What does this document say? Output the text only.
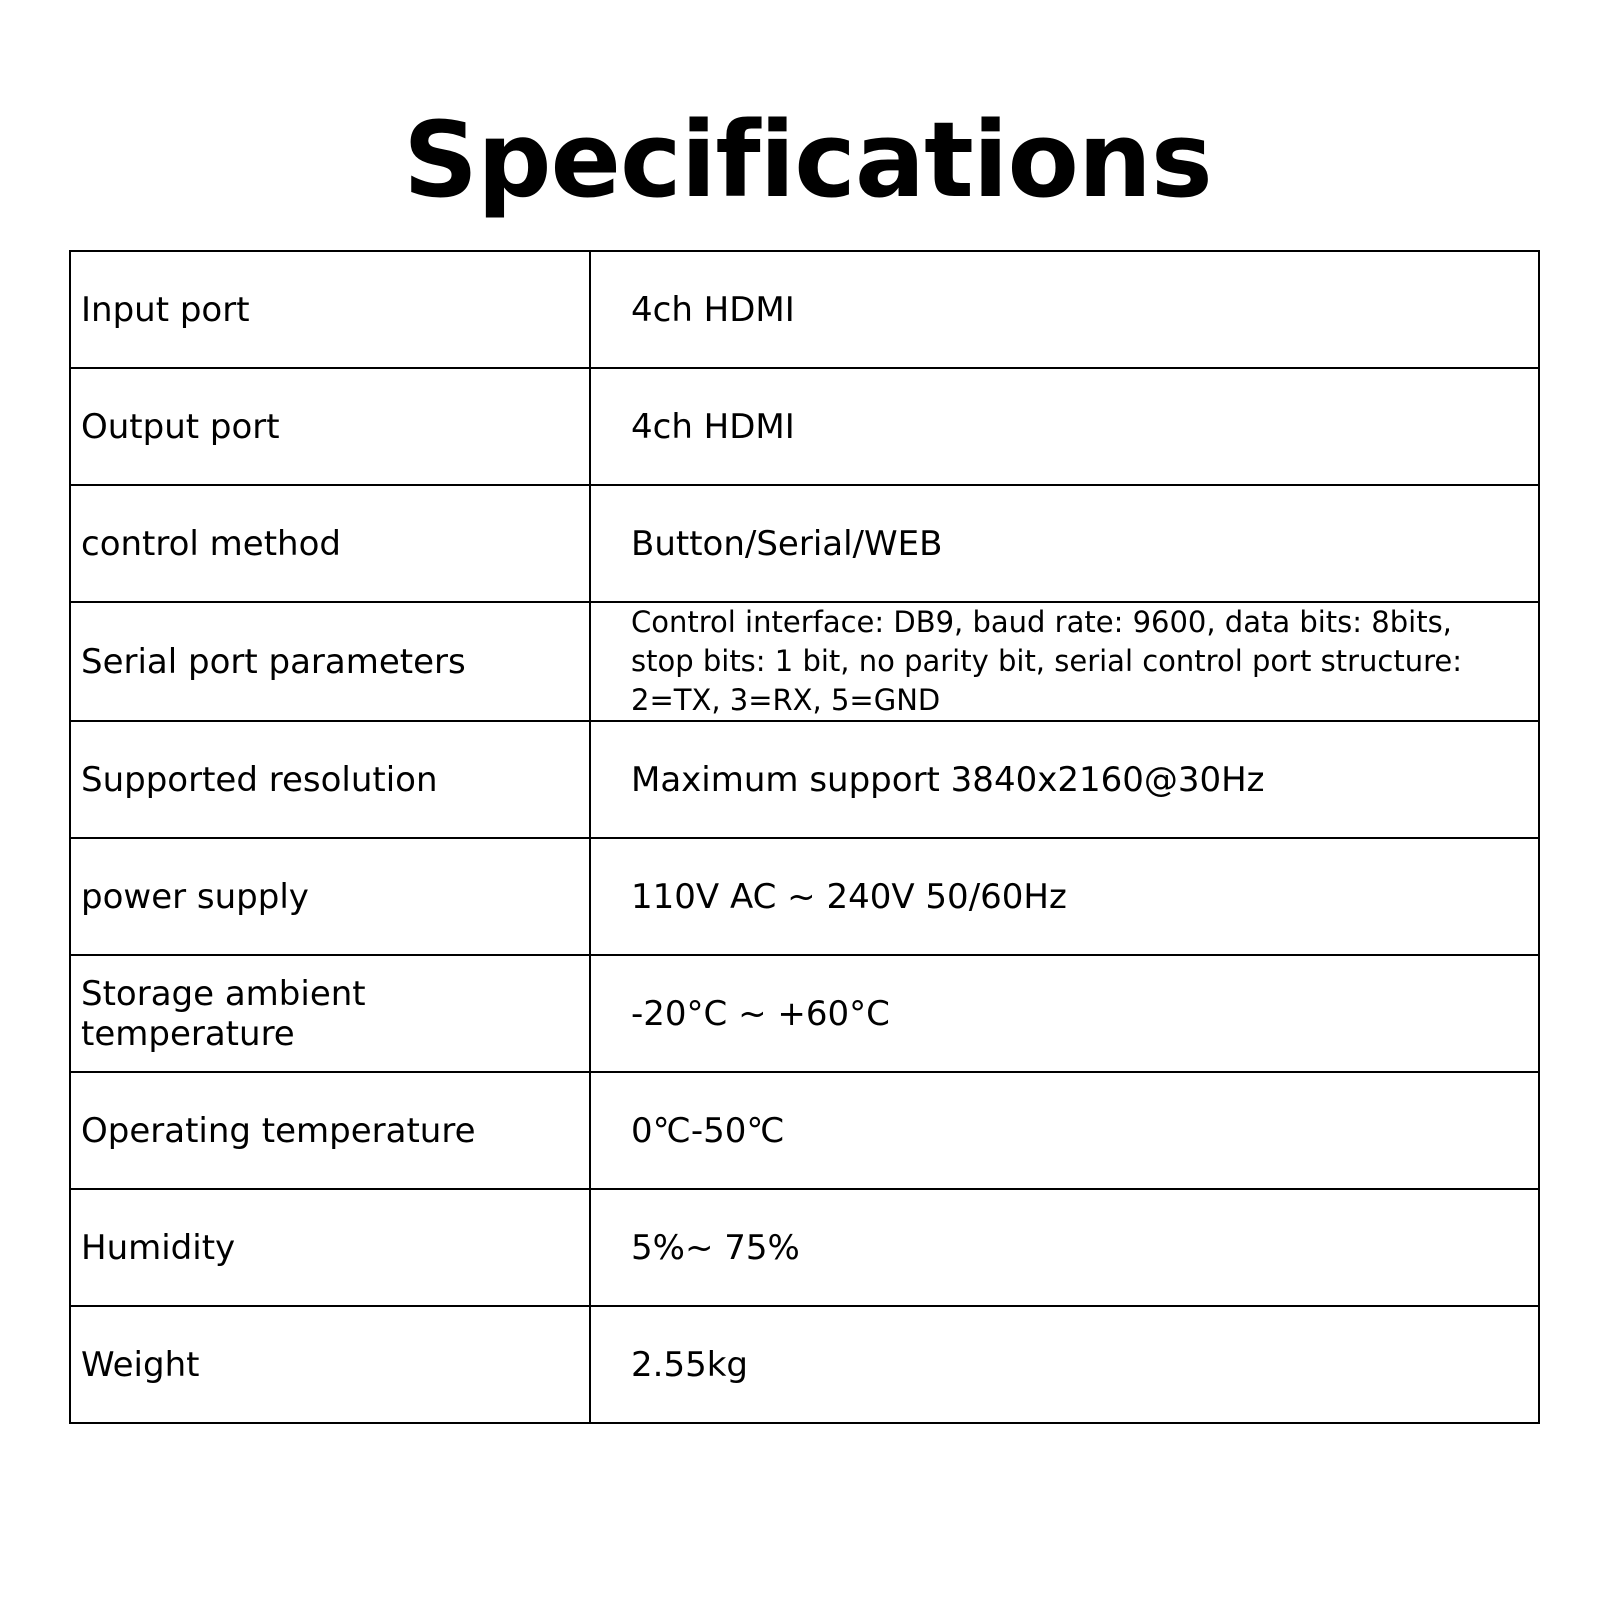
Specifications
Input port	4ch HDMI
Output port	4ch HDMI
control method	Button/Serial/WEB
Serial port parameters	Control interface: DB9, baud rate: 9600, data bits: 8bits, stop bits: 1 bit, no parity bit, serial control port structure: 2=TX, 3=RX, 5=GND
Supported resolution	Maximum support 3840x2160@30Hz
power supply	110V AC ~ 240V 50/60Hz
Storage ambient temperature	-20°C ~ +60°C
Operating temperature	0℃-50℃
Humidity	5%~ 75%
Weight	2.55kg
